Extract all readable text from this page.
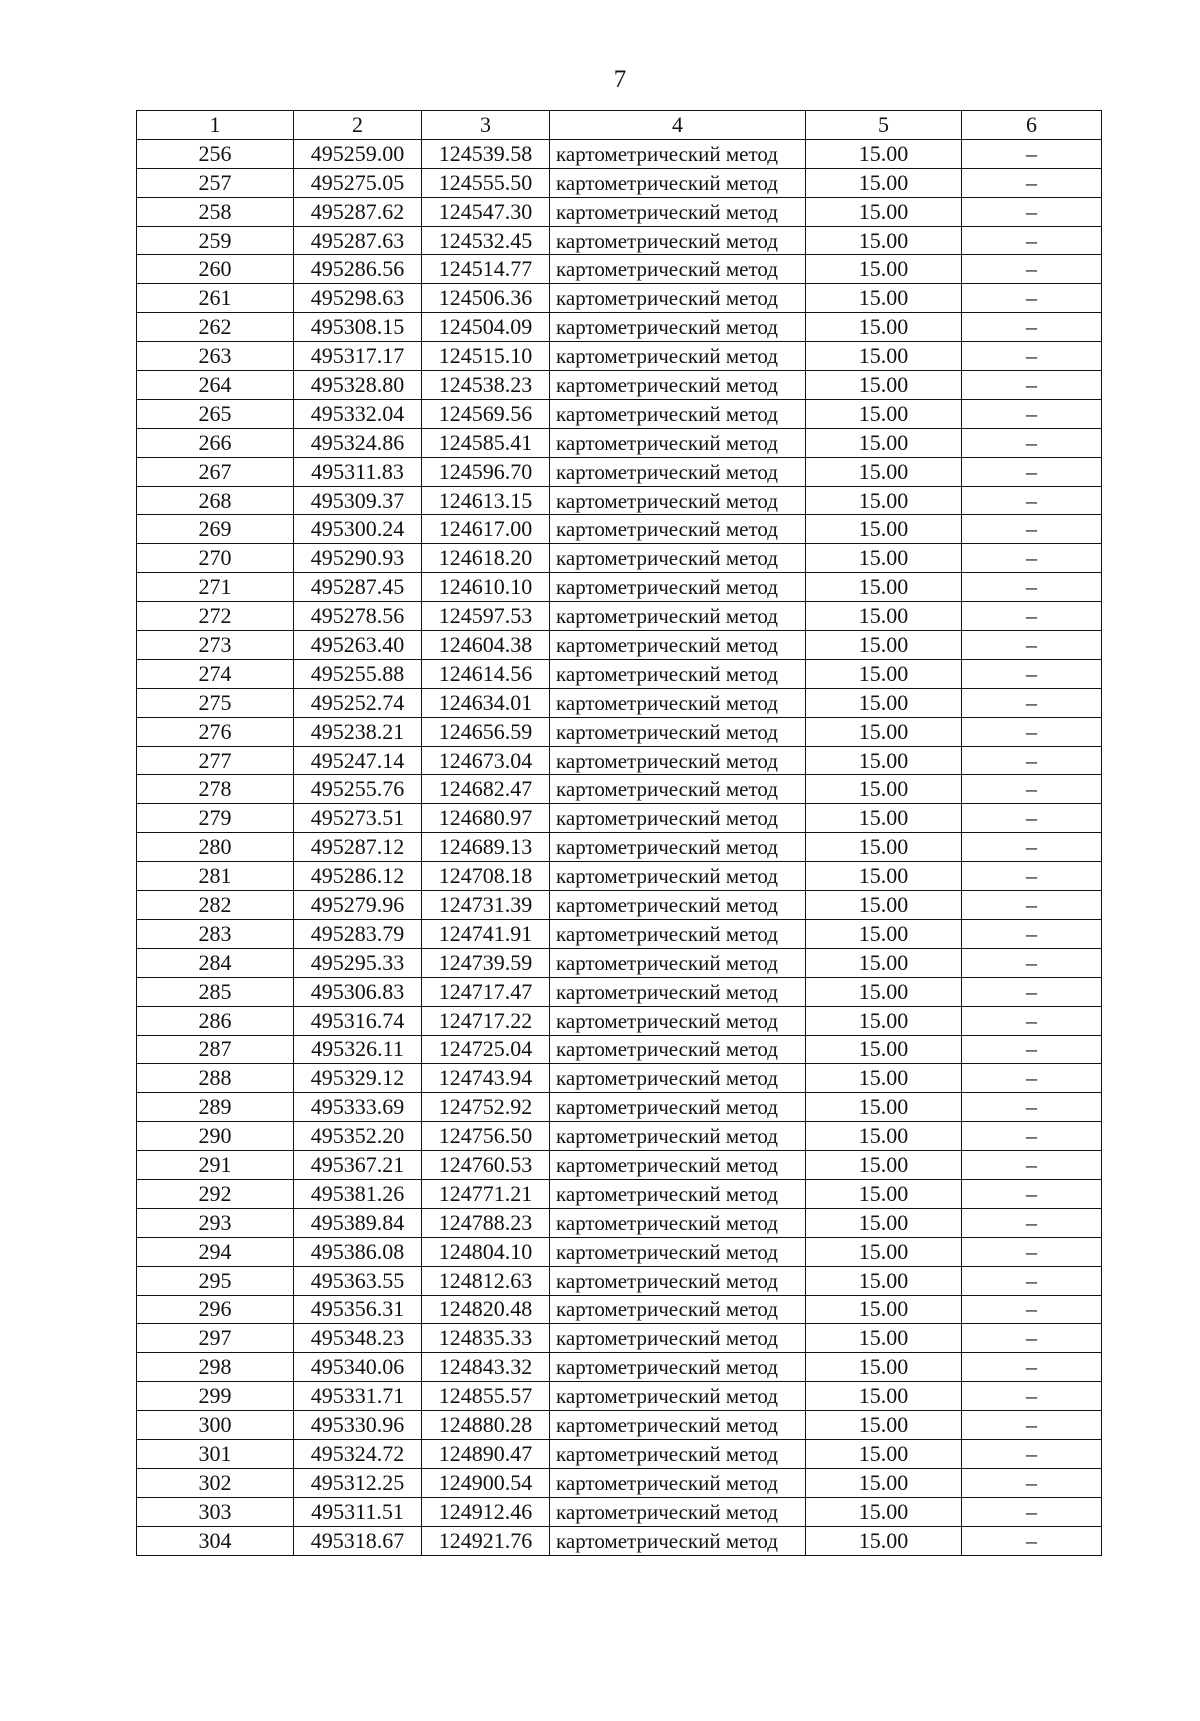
7
1	2	3	4	5	6
256	495259.00	124539.58	картометрический метод	15.00	–
257	495275.05	124555.50	картометрический метод	15.00	–
258	495287.62	124547.30	картометрический метод	15.00	–
259	495287.63	124532.45	картометрический метод	15.00	–
260	495286.56	124514.77	картометрический метод	15.00	–
261	495298.63	124506.36	картометрический метод	15.00	–
262	495308.15	124504.09	картометрический метод	15.00	–
263	495317.17	124515.10	картометрический метод	15.00	–
264	495328.80	124538.23	картометрический метод	15.00	–
265	495332.04	124569.56	картометрический метод	15.00	–
266	495324.86	124585.41	картометрический метод	15.00	–
267	495311.83	124596.70	картометрический метод	15.00	–
268	495309.37	124613.15	картометрический метод	15.00	–
269	495300.24	124617.00	картометрический метод	15.00	–
270	495290.93	124618.20	картометрический метод	15.00	–
271	495287.45	124610.10	картометрический метод	15.00	–
272	495278.56	124597.53	картометрический метод	15.00	–
273	495263.40	124604.38	картометрический метод	15.00	–
274	495255.88	124614.56	картометрический метод	15.00	–
275	495252.74	124634.01	картометрический метод	15.00	–
276	495238.21	124656.59	картометрический метод	15.00	–
277	495247.14	124673.04	картометрический метод	15.00	–
278	495255.76	124682.47	картометрический метод	15.00	–
279	495273.51	124680.97	картометрический метод	15.00	–
280	495287.12	124689.13	картометрический метод	15.00	–
281	495286.12	124708.18	картометрический метод	15.00	–
282	495279.96	124731.39	картометрический метод	15.00	–
283	495283.79	124741.91	картометрический метод	15.00	–
284	495295.33	124739.59	картометрический метод	15.00	–
285	495306.83	124717.47	картометрический метод	15.00	–
286	495316.74	124717.22	картометрический метод	15.00	–
287	495326.11	124725.04	картометрический метод	15.00	–
288	495329.12	124743.94	картометрический метод	15.00	–
289	495333.69	124752.92	картометрический метод	15.00	–
290	495352.20	124756.50	картометрический метод	15.00	–
291	495367.21	124760.53	картометрический метод	15.00	–
292	495381.26	124771.21	картометрический метод	15.00	–
293	495389.84	124788.23	картометрический метод	15.00	–
294	495386.08	124804.10	картометрический метод	15.00	–
295	495363.55	124812.63	картометрический метод	15.00	–
296	495356.31	124820.48	картометрический метод	15.00	–
297	495348.23	124835.33	картометрический метод	15.00	–
298	495340.06	124843.32	картометрический метод	15.00	–
299	495331.71	124855.57	картометрический метод	15.00	–
300	495330.96	124880.28	картометрический метод	15.00	–
301	495324.72	124890.47	картометрический метод	15.00	–
302	495312.25	124900.54	картометрический метод	15.00	–
303	495311.51	124912.46	картометрический метод	15.00	–
304	495318.67	124921.76	картометрический метод	15.00	–
